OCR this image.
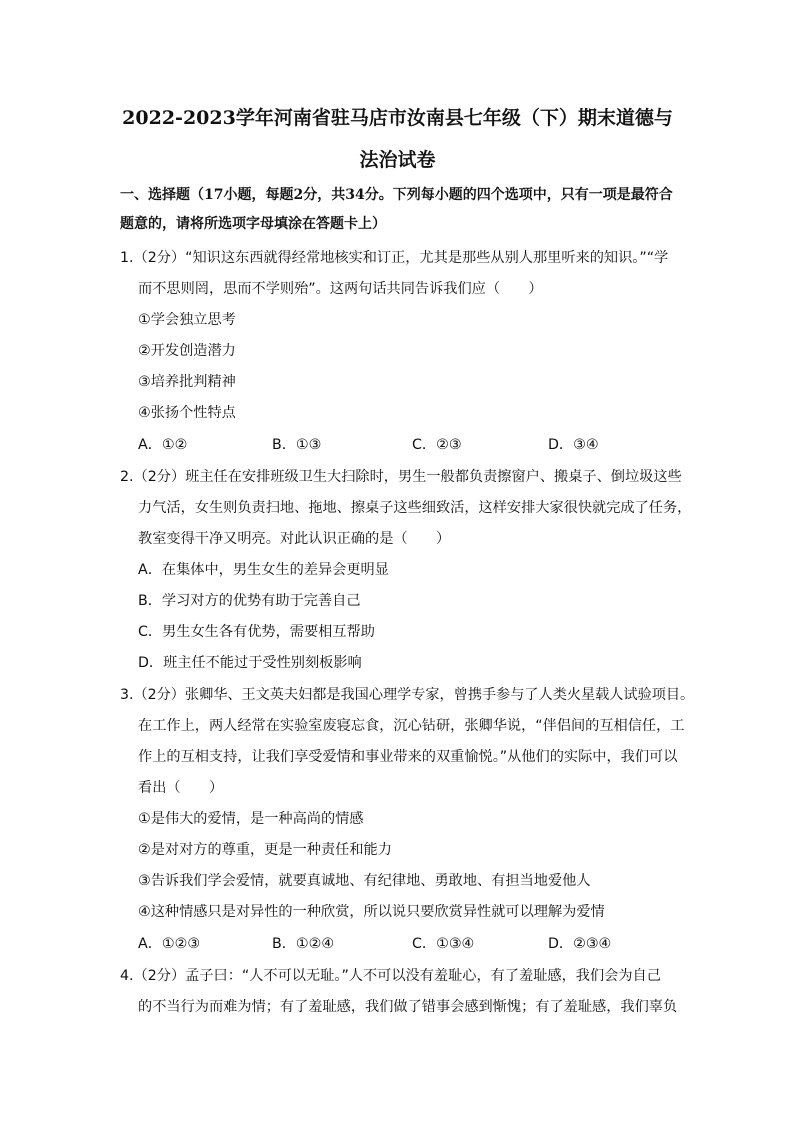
2022-2023学年河南省驻马店市汝南县七年级（下）期末道德与
法治试卷
一、选择题（17小题，每题2分，共34分。下列每小题的四个选项中，只有一项是最符合
题意的，请将所选项字母填涂在答题卡上）
1.（2分）“知识这东西就得经常地核实和订正，尤其是那些从别人那里听来的知识。”“学
而不思则罔，思而不学则殆”。这两句话共同告诉我们应（　　）
①学会独立思考
②开发创造潜力
③培养批判精神
④张扬个性特点
A．①②	B．①③	C．②③	D．③④
2.（2分）班主任在安排班级卫生大扫除时，男生一般都负责擦窗户、搬桌子、倒垃圾这些
力气活，女生则负责扫地、拖地、擦桌子这些细致活，这样安排大家很快就完成了任务，
教室变得干净又明亮。对此认识正确的是（　　）
A．在集体中，男生女生的差异会更明显
B．学习对方的优势有助于完善自己
C．男生女生各有优势，需要相互帮助
D．班主任不能过于受性别刻板影响
3.（2分）张卿华、王文英夫妇都是我国心理学专家，曾携手参与了人类火星载人试验项目。
在工作上，两人经常在实验室废寝忘食，沉心钻研，张卿华说，“伴侣间的互相信任，工
作上的互相支持，让我们享受爱情和事业带来的双重愉悦。”从他们的实际中，我们可以
看出（　　）
①是伟大的爱情，是一种高尚的情感
②是对对方的尊重，更是一种责任和能力
③告诉我们学会爱情，就要真诚地、有纪律地、勇敢地、有担当地爱他人
④这种情感只是对异性的一种欣赏，所以说只要欣赏异性就可以理解为爱情
A．①②③	B．①②④	C．①③④	D．②③④
4.（2分）孟子曰：“人不可以无耻。”人不可以没有羞耻心，有了羞耻感，我们会为自己
的不当行为而难为情；有了羞耻感，我们做了错事会感到惭愧；有了羞耻感，我们辜负
